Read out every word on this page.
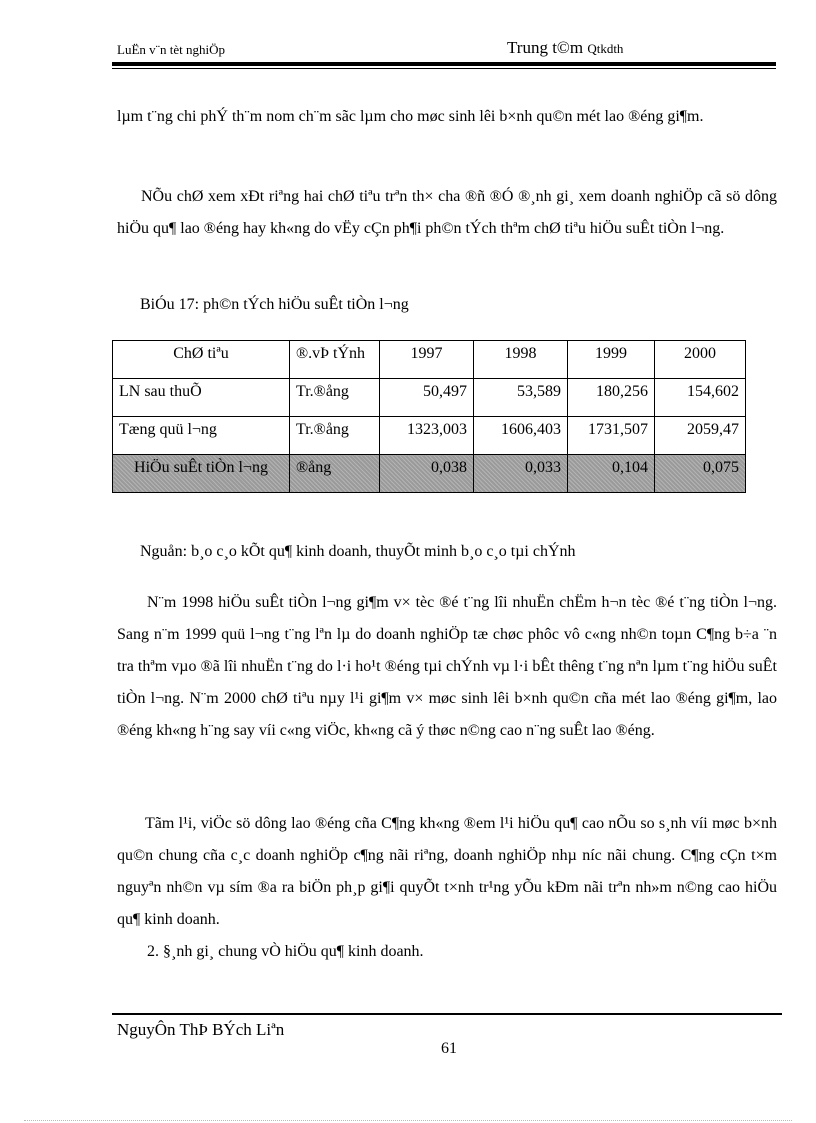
LuËn v¨n tèt nghiÖp	Trung t©m Qtkdth

lµm t¨ng chi phÝ th¨m nom ch¨m sãc lµm cho møc sinh lêi b×nh qu©n mét lao ®éng gi¶m.

NÕu chØ xem xÐt riªng hai chØ tiªu trªn th× cha ®ñ ®Ó ®¸nh gi¸ xem doanh nghiÖp cã sö dông hiÖu qu¶ lao ®éng hay kh«ng do vËy cÇn ph¶i ph©n tÝch thªm chØ tiªu hiÖu suÊt tiÒn l¬ng.

BiÓu 17: ph©n tÝch hiÖu suÊt tiÒn l¬ng
ChØ tiªu	®.vÞ tÝnh	1997	1998	1999	2000
LN sau thuÕ	Tr.®ång	50,497	53,589	180,256	154,602
Tæng quü l¬ng	Tr.®ång	1323,003	1606,403	1731,507	2059,47
HiÖu suÊt tiÒn l¬ng	®ång	0,038	0,033	0,104	0,075
Nguån: b¸o c¸o kÕt qu¶ kinh doanh, thuyÕt minh b¸o c¸o tµi chÝnh

N¨m 1998 hiÖu suÊt tiÒn l¬ng gi¶m v× tèc ®é t¨ng lîi nhuËn chËm h¬n tèc ®é t¨ng tiÒn l¬ng. Sang n¨m 1999 quü l¬ng t¨ng lªn lµ do doanh nghiÖp tæ chøc phôc vô c«ng nh©n toµn C¶ng b÷a ¨n tra thªm vµo ®ã lîi nhuËn t¨ng do l·i ho¹t ®éng tµi chÝnh vµ l·i bÊt thêng t¨ng nªn lµm t¨ng hiÖu suÊt tiÒn l¬ng. N¨m 2000 chØ tiªu nµy l¹i gi¶m v× møc sinh lêi b×nh qu©n cña mét lao ®éng gi¶m, lao ®éng kh«ng h¨ng say víi c«ng viÖc, kh«ng cã ý thøc n©ng cao n¨ng suÊt lao ®éng.

Tãm l¹i, viÖc sö dông lao ®éng cña C¶ng kh«ng ®em l¹i hiÖu qu¶ cao nÕu so s¸nh víi møc b×nh qu©n chung cña c¸c doanh nghiÖp c¶ng nãi riªng, doanh nghiÖp nhµ níc nãi chung. C¶ng cÇn t×m nguyªn nh©n vµ sím ®a ra biÖn ph¸p gi¶i quyÕt t×nh tr¹ng yÕu kÐm nãi trªn nh»m n©ng cao hiÖu qu¶ kinh doanh.

2. §¸nh gi¸ chung vÒ hiÖu qu¶ kinh doanh.
NguyÔn ThÞ BÝch Liªn
61
